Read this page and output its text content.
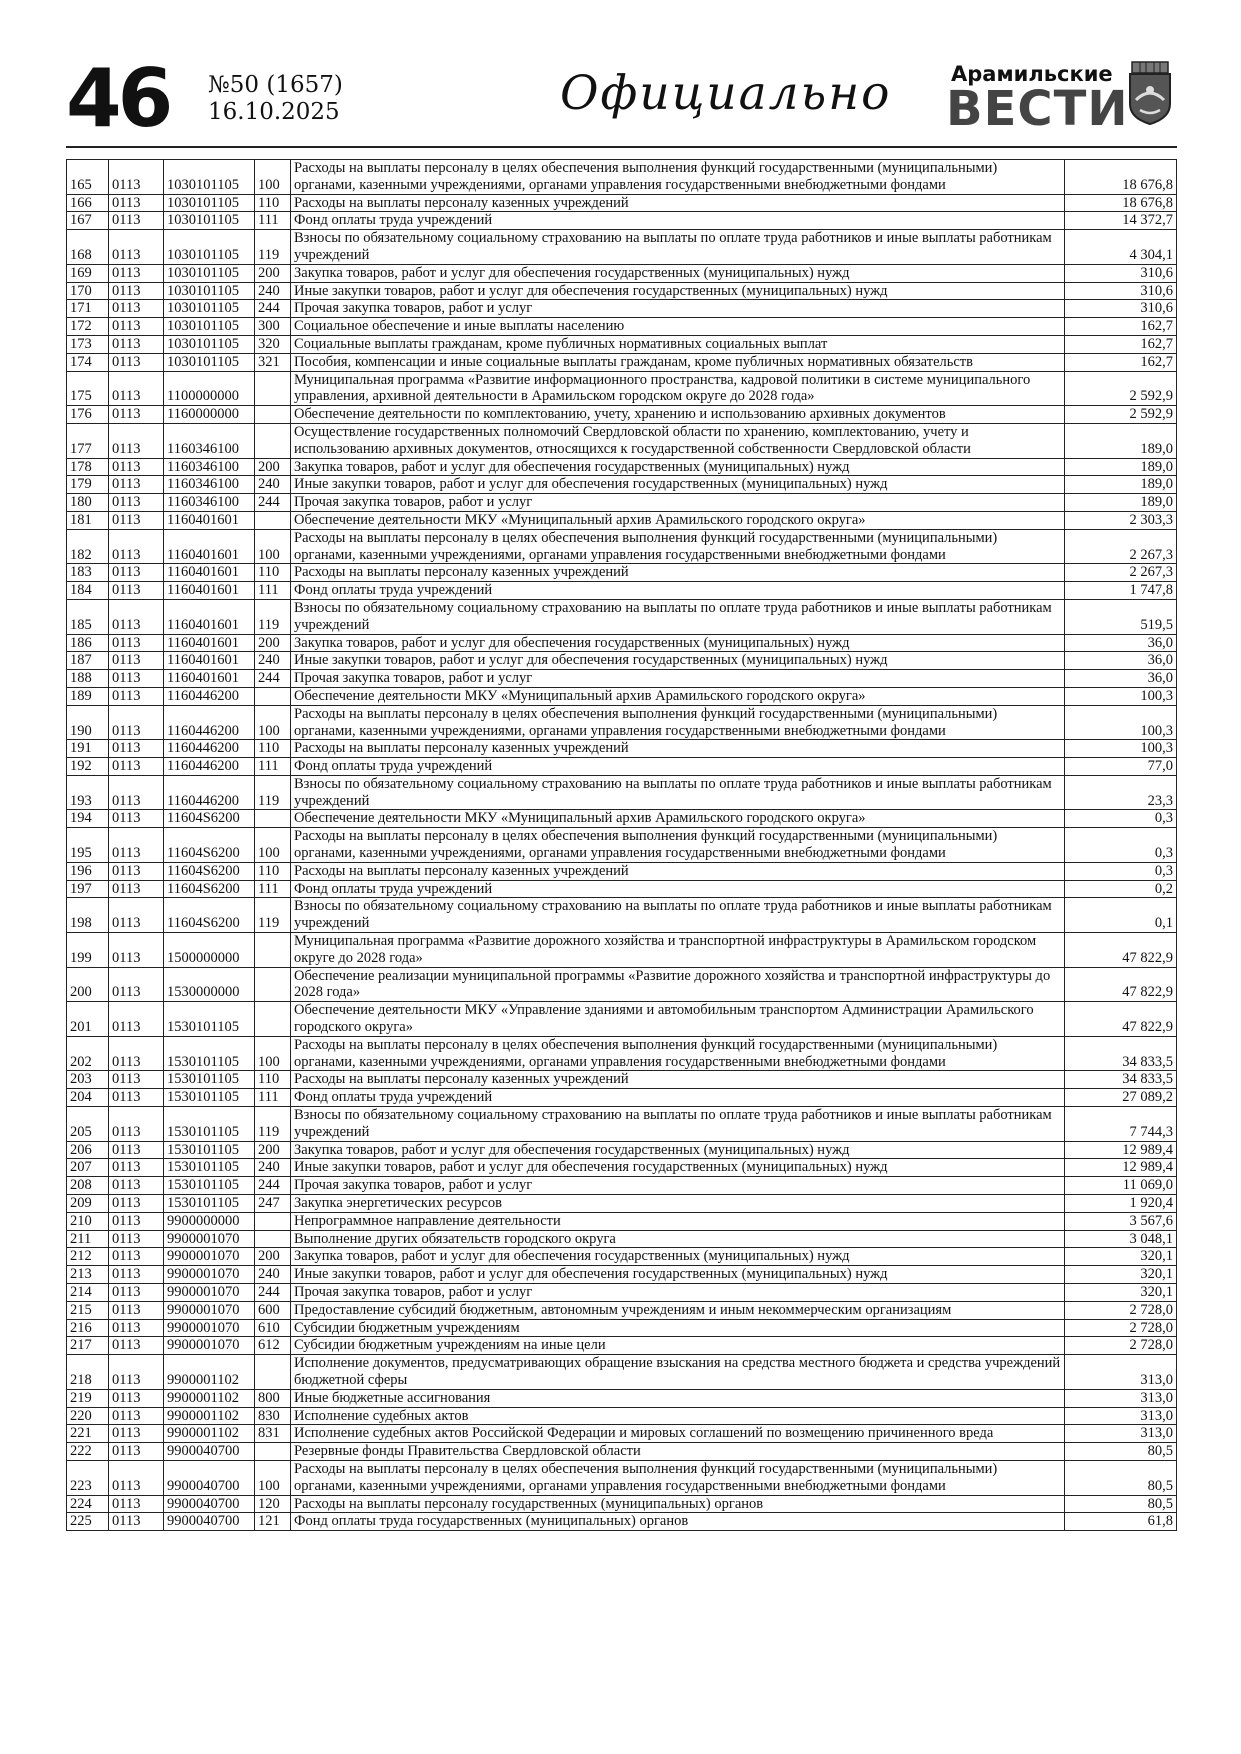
46 №50 (1657)
16.10.2025	Официально	Арамильские
ВЕСТИ
165	0113	1030101105	100	Расходы на выплаты персоналу в целях обеспечения выполнения функций государственными (муниципальными) органами, казенными учреждениями, органами управления государственными внебюджетными фондами	18 676,8
166	0113	1030101105	110	Расходы на выплаты персоналу казенных учреждений	18 676,8
167	0113	1030101105	111	Фонд оплаты труда учреждений	14 372,7
168	0113	1030101105	119	Взносы по обязательному социальному страхованию на выплаты по оплате труда работников и иные выплаты работникам учреждений	4 304,1
169	0113	1030101105	200	Закупка товаров, работ и услуг для обеспечения государственных (муниципальных) нужд	310,6
170	0113	1030101105	240	Иные закупки товаров, работ и услуг для обеспечения государственных (муниципальных) нужд	310,6
171	0113	1030101105	244	Прочая закупка товаров, работ и услуг	310,6
172	0113	1030101105	300	Социальное обеспечение и иные выплаты населению	162,7
173	0113	1030101105	320	Социальные выплаты гражданам, кроме публичных нормативных социальных выплат	162,7
174	0113	1030101105	321	Пособия, компенсации и иные социальные выплаты гражданам, кроме публичных нормативных обязательств	162,7
175	0113	1100000000		Муниципальная программа «Развитие информационного пространства, кадровой политики в системе муниципального управления, архивной деятельности в Арамильском городском округе до 2028 года»	2 592,9
176	0113	1160000000		Обеспечение деятельности по комплектованию, учету, хранению и использованию архивных документов	2 592,9
177	0113	1160346100		Осуществление государственных полномочий Свердловской области по хранению, комплектованию, учету и использованию архивных документов, относящихся к государственной собственности Свердловской области	189,0
178	0113	1160346100	200	Закупка товаров, работ и услуг для обеспечения государственных (муниципальных) нужд	189,0
179	0113	1160346100	240	Иные закупки товаров, работ и услуг для обеспечения государственных (муниципальных) нужд	189,0
180	0113	1160346100	244	Прочая закупка товаров, работ и услуг	189,0
181	0113	1160401601		Обеспечение деятельности МКУ «Муниципальный архив Арамильского городского округа»	2 303,3
182	0113	1160401601	100	Расходы на выплаты персоналу в целях обеспечения выполнения функций государственными (муниципальными) органами, казенными учреждениями, органами управления государственными внебюджетными фондами	2 267,3
183	0113	1160401601	110	Расходы на выплаты персоналу казенных учреждений	2 267,3
184	0113	1160401601	111	Фонд оплаты труда учреждений	1 747,8
185	0113	1160401601	119	Взносы по обязательному социальному страхованию на выплаты по оплате труда работников и иные выплаты работникам учреждений	519,5
186	0113	1160401601	200	Закупка товаров, работ и услуг для обеспечения государственных (муниципальных) нужд	36,0
187	0113	1160401601	240	Иные закупки товаров, работ и услуг для обеспечения государственных (муниципальных) нужд	36,0
188	0113	1160401601	244	Прочая закупка товаров, работ и услуг	36,0
189	0113	1160446200		Обеспечение деятельности МКУ «Муниципальный архив Арамильского городского округа»	100,3
190	0113	1160446200	100	Расходы на выплаты персоналу в целях обеспечения выполнения функций государственными (муниципальными) органами, казенными учреждениями, органами управления государственными внебюджетными фондами	100,3
191	0113	1160446200	110	Расходы на выплаты персоналу казенных учреждений	100,3
192	0113	1160446200	111	Фонд оплаты труда учреждений	77,0
193	0113	1160446200	119	Взносы по обязательному социальному страхованию на выплаты по оплате труда работников и иные выплаты работникам учреждений	23,3
194	0113	11604S6200		Обеспечение деятельности МКУ «Муниципальный архив Арамильского городского округа»	0,3
195	0113	11604S6200	100	Расходы на выплаты персоналу в целях обеспечения выполнения функций государственными (муниципальными) органами, казенными учреждениями, органами управления государственными внебюджетными фондами	0,3
196	0113	11604S6200	110	Расходы на выплаты персоналу казенных учреждений	0,3
197	0113	11604S6200	111	Фонд оплаты труда учреждений	0,2
198	0113	11604S6200	119	Взносы по обязательному социальному страхованию на выплаты по оплате труда работников и иные выплаты работникам учреждений	0,1
199	0113	1500000000		Муниципальная программа «Развитие дорожного хозяйства и транспортной инфраструктуры в Арамильском городском округе до 2028 года»	47 822,9
200	0113	1530000000		Обеспечение реализации муниципальной программы «Развитие дорожного хозяйства и транспортной инфраструктуры до 2028 года»	47 822,9
201	0113	1530101105		Обеспечение деятельности МКУ «Управление зданиями и автомобильным транспортом Администрации Арамильского городского округа»	47 822,9
202	0113	1530101105	100	Расходы на выплаты персоналу в целях обеспечения выполнения функций государственными (муниципальными) органами, казенными учреждениями, органами управления государственными внебюджетными фондами	34 833,5
203	0113	1530101105	110	Расходы на выплаты персоналу казенных учреждений	34 833,5
204	0113	1530101105	111	Фонд оплаты труда учреждений	27 089,2
205	0113	1530101105	119	Взносы по обязательному социальному страхованию на выплаты по оплате труда работников и иные выплаты работникам учреждений	7 744,3
206	0113	1530101105	200	Закупка товаров, работ и услуг для обеспечения государственных (муниципальных) нужд	12 989,4
207	0113	1530101105	240	Иные закупки товаров, работ и услуг для обеспечения государственных (муниципальных) нужд	12 989,4
208	0113	1530101105	244	Прочая закупка товаров, работ и услуг	11 069,0
209	0113	1530101105	247	Закупка энергетических ресурсов	1 920,4
210	0113	9900000000		Непрограммное направление деятельности	3 567,6
211	0113	9900001070		Выполнение других обязательств городского округа	3 048,1
212	0113	9900001070	200	Закупка товаров, работ и услуг для обеспечения государственных (муниципальных) нужд	320,1
213	0113	9900001070	240	Иные закупки товаров, работ и услуг для обеспечения государственных (муниципальных) нужд	320,1
214	0113	9900001070	244	Прочая закупка товаров, работ и услуг	320,1
215	0113	9900001070	600	Предоставление субсидий бюджетным, автономным учреждениям и иным некоммерческим организациям	2 728,0
216	0113	9900001070	610	Субсидии бюджетным учреждениям	2 728,0
217	0113	9900001070	612	Субсидии бюджетным учреждениям на иные цели	2 728,0
218	0113	9900001102		Исполнение документов, предусматривающих обращение взыскания на средства местного бюджета и средства учреждений бюджетной сферы	313,0
219	0113	9900001102	800	Иные бюджетные ассигнования	313,0
220	0113	9900001102	830	Исполнение судебных актов	313,0
221	0113	9900001102	831	Исполнение судебных актов Российской Федерации и мировых соглашений по возмещению причиненного вреда	313,0
222	0113	9900040700		Резервные фонды Правительства Свердловской области	80,5
223	0113	9900040700	100	Расходы на выплаты персоналу в целях обеспечения выполнения функций государственными (муниципальными) органами, казенными учреждениями, органами управления государственными внебюджетными фондами	80,5
224	0113	9900040700	120	Расходы на выплаты персоналу государственных (муниципальных) органов	80,5
225	0113	9900040700	121	Фонд оплаты труда государственных (муниципальных) органов	61,8
